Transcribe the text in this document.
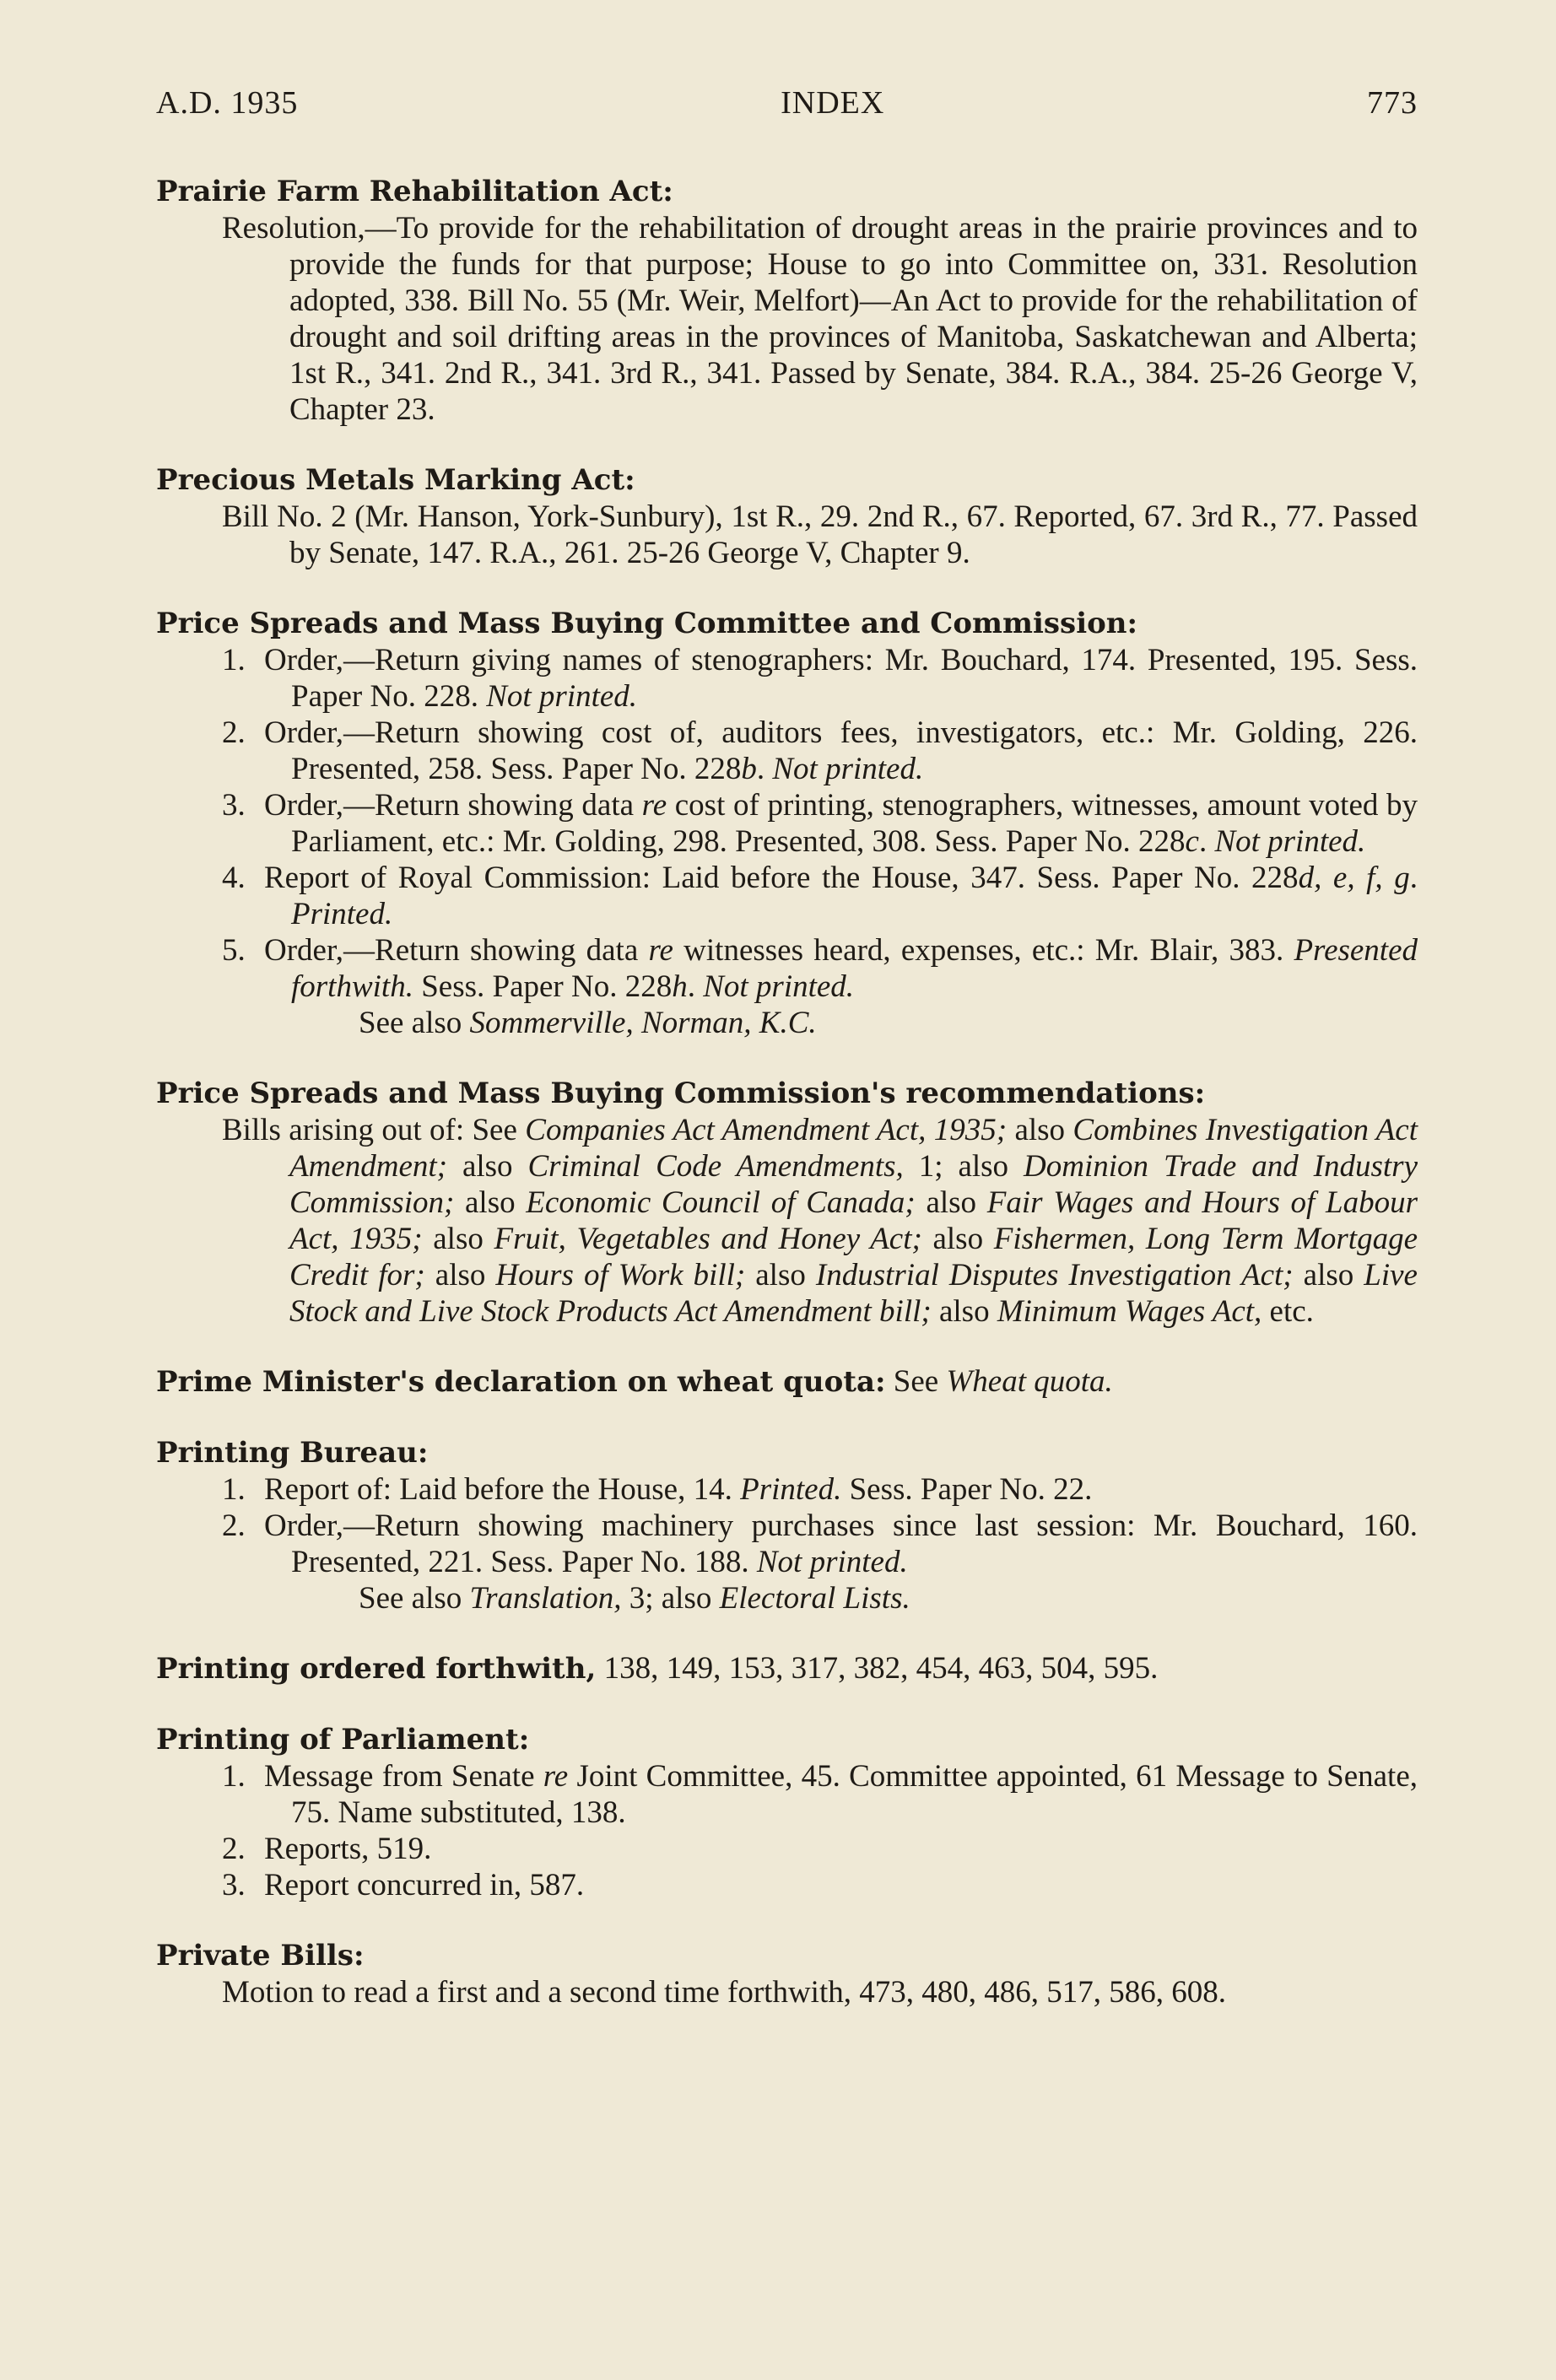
A.D. 1935	INDEX	773
Prairie Farm Rehabilitation Act:
Resolution,—To provide for the rehabilitation of drought areas in the prairie provinces and to provide the funds for that purpose; House to go into Committee on, 331. Resolution adopted, 338. Bill No. 55 (Mr. Weir, Melfort)—An Act to provide for the rehabilitation of drought and soil drifting areas in the provinces of Manitoba, Saskatchewan and Alberta; 1st R., 341. 2nd R., 341. 3rd R., 341. Passed by Senate, 384. R.A., 384. 25-26 George V, Chapter 23.
Precious Metals Marking Act:
Bill No. 2 (Mr. Hanson, York-Sunbury), 1st R., 29. 2nd R., 67. Reported, 67. 3rd R., 77. Passed by Senate, 147. R.A., 261. 25-26 George V, Chapter 9.
Price Spreads and Mass Buying Committee and Commission:
1. Order,—Return giving names of stenographers: Mr. Bouchard, 174. Presented, 195. Sess. Paper No. 228. Not printed.
2. Order,—Return showing cost of, auditors fees, investigators, etc.: Mr. Golding, 226. Presented, 258. Sess. Paper No. 228b. Not printed.
3. Order,—Return showing data re cost of printing, stenographers, witnesses, amount voted by Parliament, etc.: Mr. Golding, 298. Presented, 308. Sess. Paper No. 228c. Not printed.
4. Report of Royal Commission: Laid before the House, 347. Sess. Paper No. 228d, e, f, g. Printed.
5. Order,—Return showing data re witnesses heard, expenses, etc.: Mr. Blair, 383. Presented forthwith. Sess. Paper No. 228h. Not printed.
See also Sommerville, Norman, K.C.
Price Spreads and Mass Buying Commission's recommendations:
Bills arising out of: See Companies Act Amendment Act, 1935; also Combines Investigation Act Amendment; also Criminal Code Amendments, 1; also Dominion Trade and Industry Commission; also Economic Council of Canada; also Fair Wages and Hours of Labour Act, 1935; also Fruit, Vegetables and Honey Act; also Fishermen, Long Term Mortgage Credit for; also Hours of Work bill; also Industrial Disputes Investigation Act; also Live Stock and Live Stock Products Act Amendment bill; also Minimum Wages Act, etc.
Prime Minister's declaration on wheat quota: See Wheat quota.
Printing Bureau:
1. Report of: Laid before the House, 14. Printed. Sess. Paper No. 22.
2. Order,—Return showing machinery purchases since last session: Mr. Bouchard, 160. Presented, 221. Sess. Paper No. 188. Not printed.
See also Translation, 3; also Electoral Lists.
Printing ordered forthwith, 138, 149, 153, 317, 382, 454, 463, 504, 595.
Printing of Parliament:
1. Message from Senate re Joint Committee, 45. Committee appointed, 61 Message to Senate, 75. Name substituted, 138.
2. Reports, 519.
3. Report concurred in, 587.
Private Bills:
Motion to read a first and a second time forthwith, 473, 480, 486, 517, 586, 608.
